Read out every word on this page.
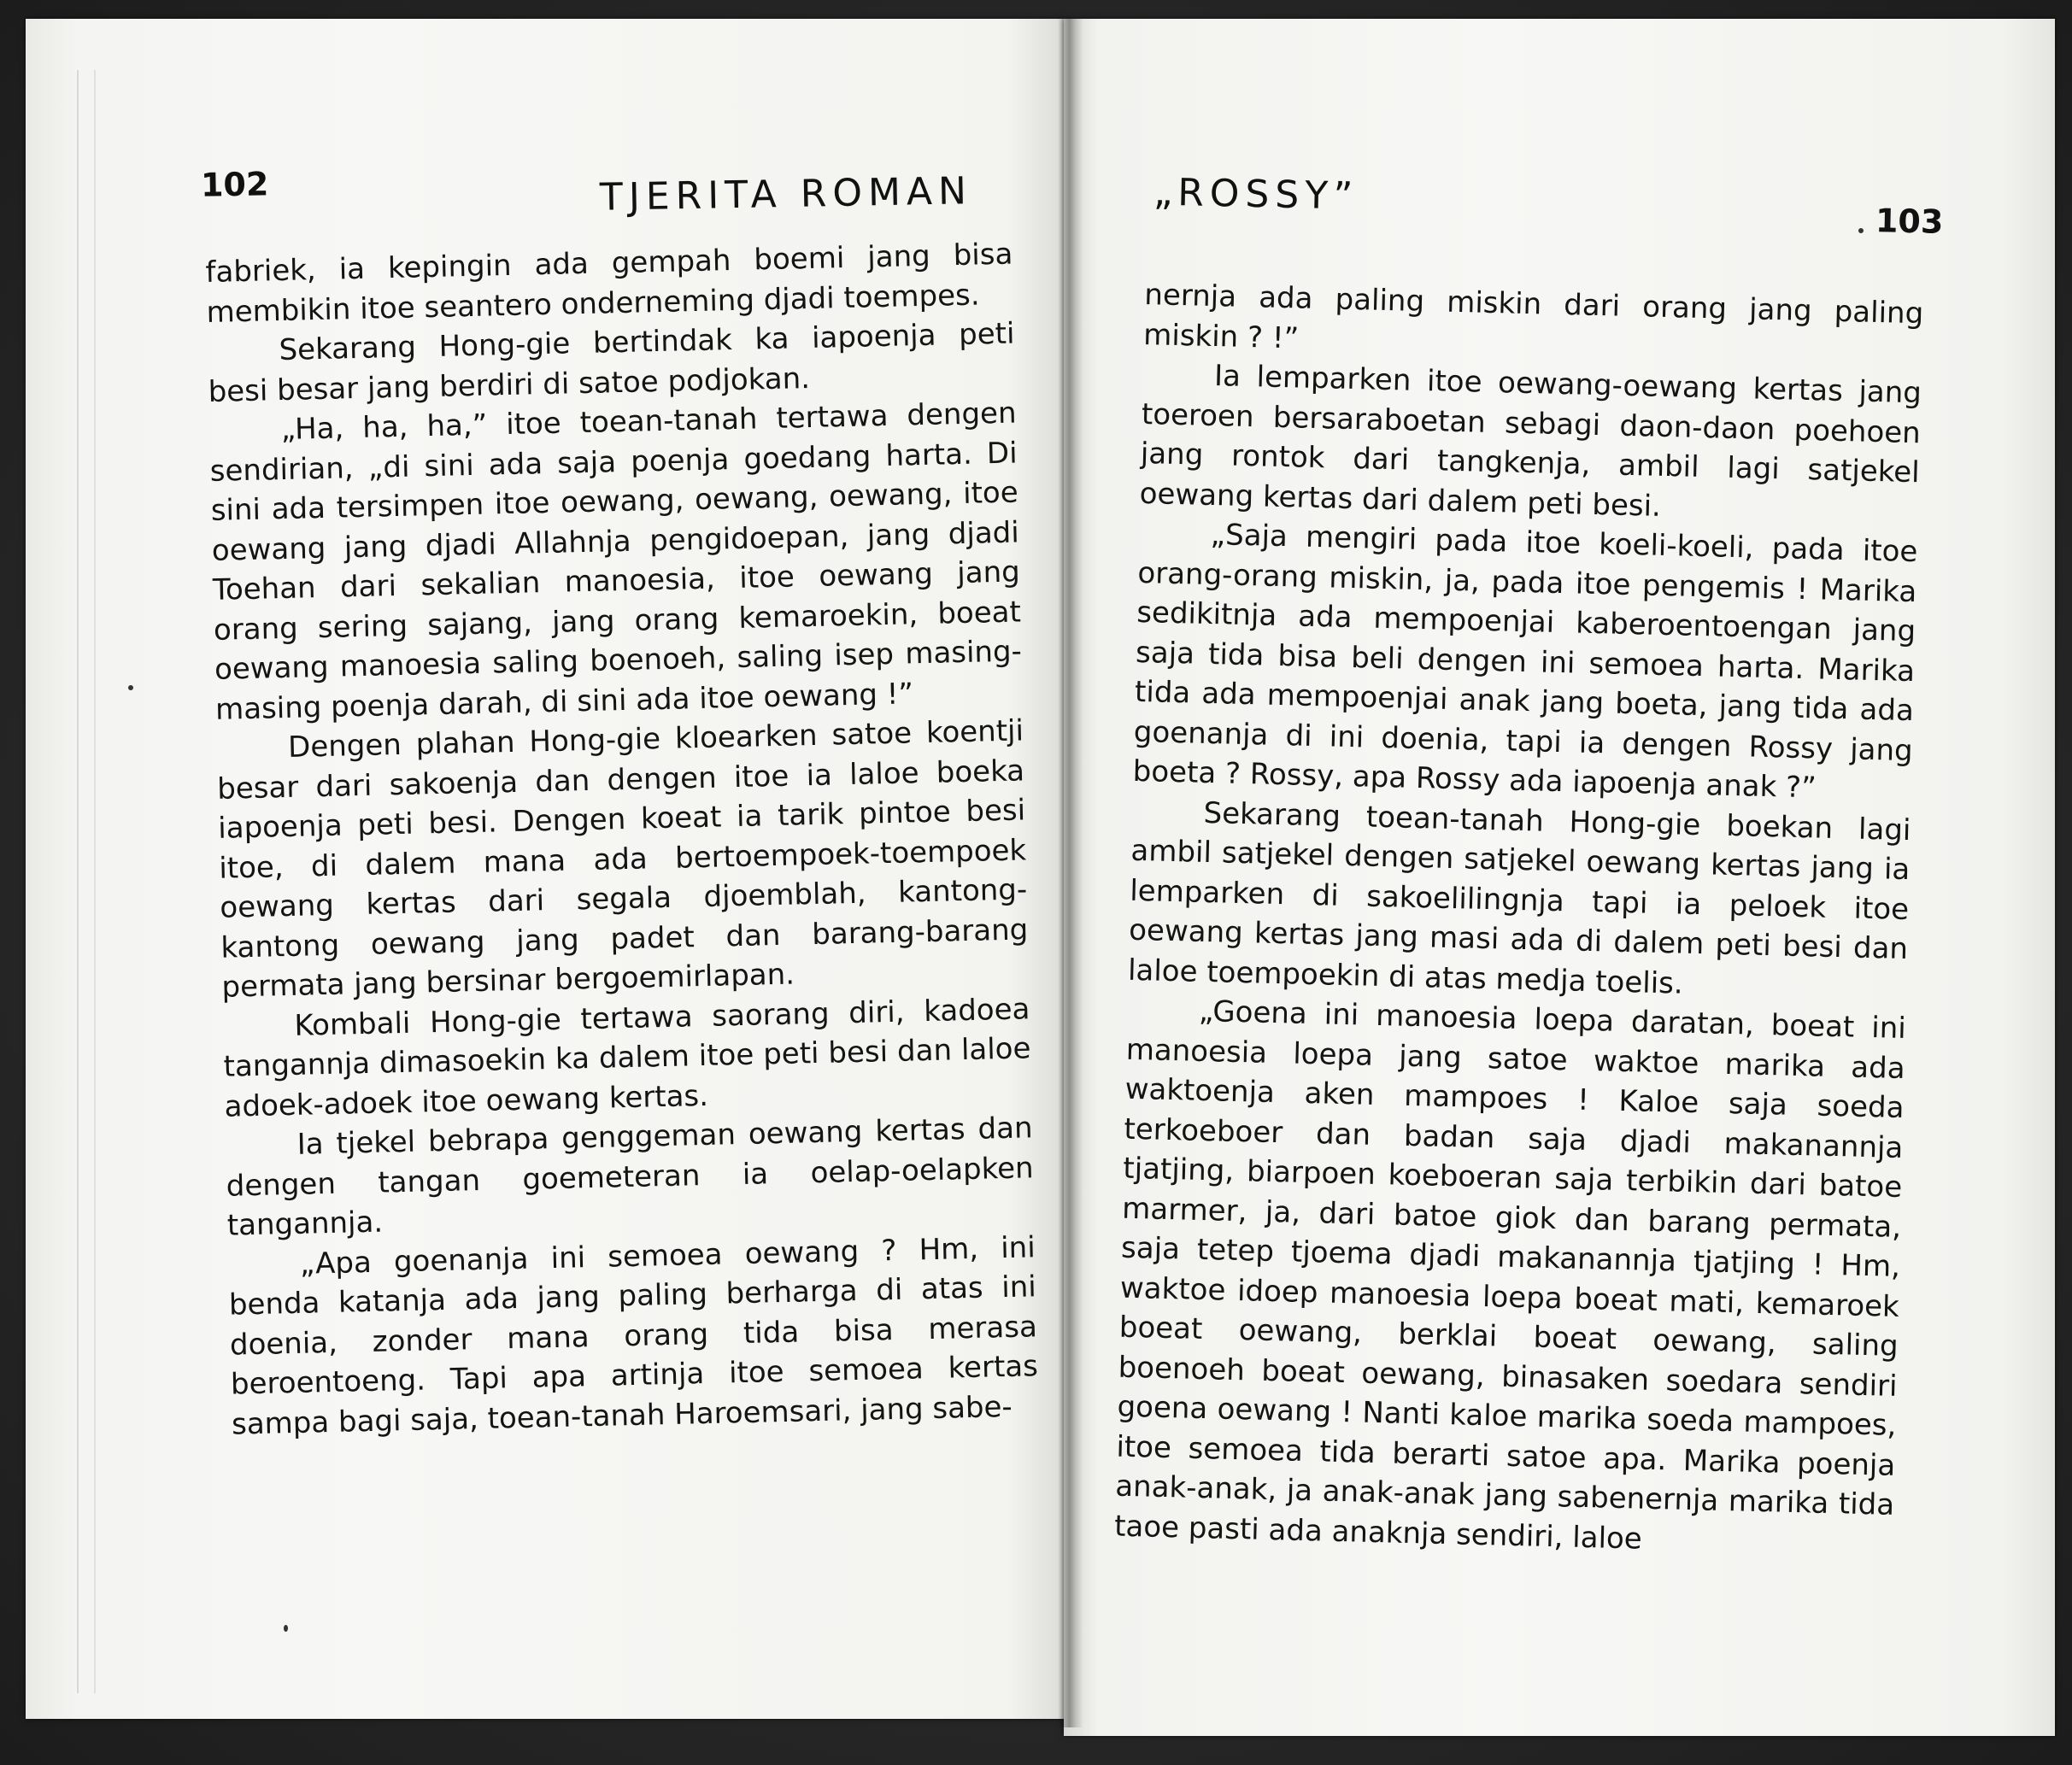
102	TJERITA ROMAN

fabriek, ia kepingin ada gempah boemi jang bisa membikin itoe seantero onderneming djadi toempes.

Sekarang Hong-gie bertindak ka iapoenja peti besi besar jang berdiri di satoe podjokan.

„Ha, ha, ha,” itoe toean-tanah tertawa dengen sendirian, „di sini ada saja poenja goedang harta. Di sini ada tersimpen itoe oewang, oewang, oewang, itoe oewang jang djadi Allahnja pengidoepan, jang djadi Toehan dari sekalian manoesia, itoe oewang jang orang sering sajang, jang orang kemaroekin, boeat oewang manoesia saling boenoeh, saling isep masing-masing poenja darah, di sini ada itoe oewang !”

Dengen plahan Hong-gie kloearken satoe koentji besar dari sakoenja dan dengen itoe ia laloe boeka iapoenja peti besi. Dengen koeat ia tarik pintoe besi itoe, di dalem mana ada bertoempoek-toempoek oewang kertas dari segala djoemblah, kantong-kantong oewang jang padet dan barang-barang permata jang bersinar bergoemirlapan.

Kombali Hong-gie tertawa saorang diri, kadoea tangannja dimasoekin ka dalem itoe peti besi dan laloe adoek-adoek itoe oewang kertas.

Ia tjekel bebrapa genggeman oewang kertas dan dengen tangan goemeteran ia oelap-oelapken tangannja.

„Apa goenanja ini semoea oewang ? Hm, ini benda katanja ada jang paling berharga di atas ini doenia, zonder mana orang tida bisa merasa beroentoeng. Tapi apa artinja itoe semoea kertas sampa bagi saja, toean-tanah Haroemsari, jang sabe-

„ROSSY”
103

nernja ada paling miskin dari orang jang paling miskin ? !”

Ia lemparken itoe oewang-oewang kertas jang toeroen bersaraboetan sebagi daon-daon poehoen jang rontok dari tangkenja, ambil lagi satjekel oewang kertas dari dalem peti besi.

„Saja mengiri pada itoe koeli-koeli, pada itoe orang-orang miskin, ja, pada itoe pengemis ! Marika sedikitnja ada mempoenjai kaberoentoengan jang saja tida bisa beli dengen ini semoea harta. Marika tida ada mempoenjai anak jang boeta, jang tida ada goenanja di ini doenia, tapi ia dengen Rossy jang boeta ? Rossy, apa Rossy ada iapoenja anak ?”

Sekarang toean-tanah Hong-gie boekan lagi ambil satjekel dengen satjekel oewang kertas jang ia lemparken di sakoelilingnja tapi ia peloek itoe oewang kertas jang masi ada di dalem peti besi dan laloe toempoekin di atas medja toelis.

„Goena ini manoesia loepa daratan, boeat ini manoesia loepa jang satoe waktoe marika ada waktoenja aken mampoes ! Kaloe saja soeda terkoeboer dan badan saja djadi makanannja tjatjing, biarpoen koeboeran saja terbikin dari batoe marmer, ja, dari batoe giok dan barang permata, saja tetep tjoema djadi makanannja tjatjing ! Hm, waktoe idoep manoesia loepa boeat mati, kemaroek boeat oewang, berklai boeat oewang, saling boenoeh boeat oewang, binasaken soedara sendiri goena oewang ! Nanti kaloe marika soeda mampoes, itoe semoea tida berarti satoe apa. Marika poenja anak-anak, ja anak-anak jang sabenernja marika tida taoe pasti ada anaknja sendiri, laloe
